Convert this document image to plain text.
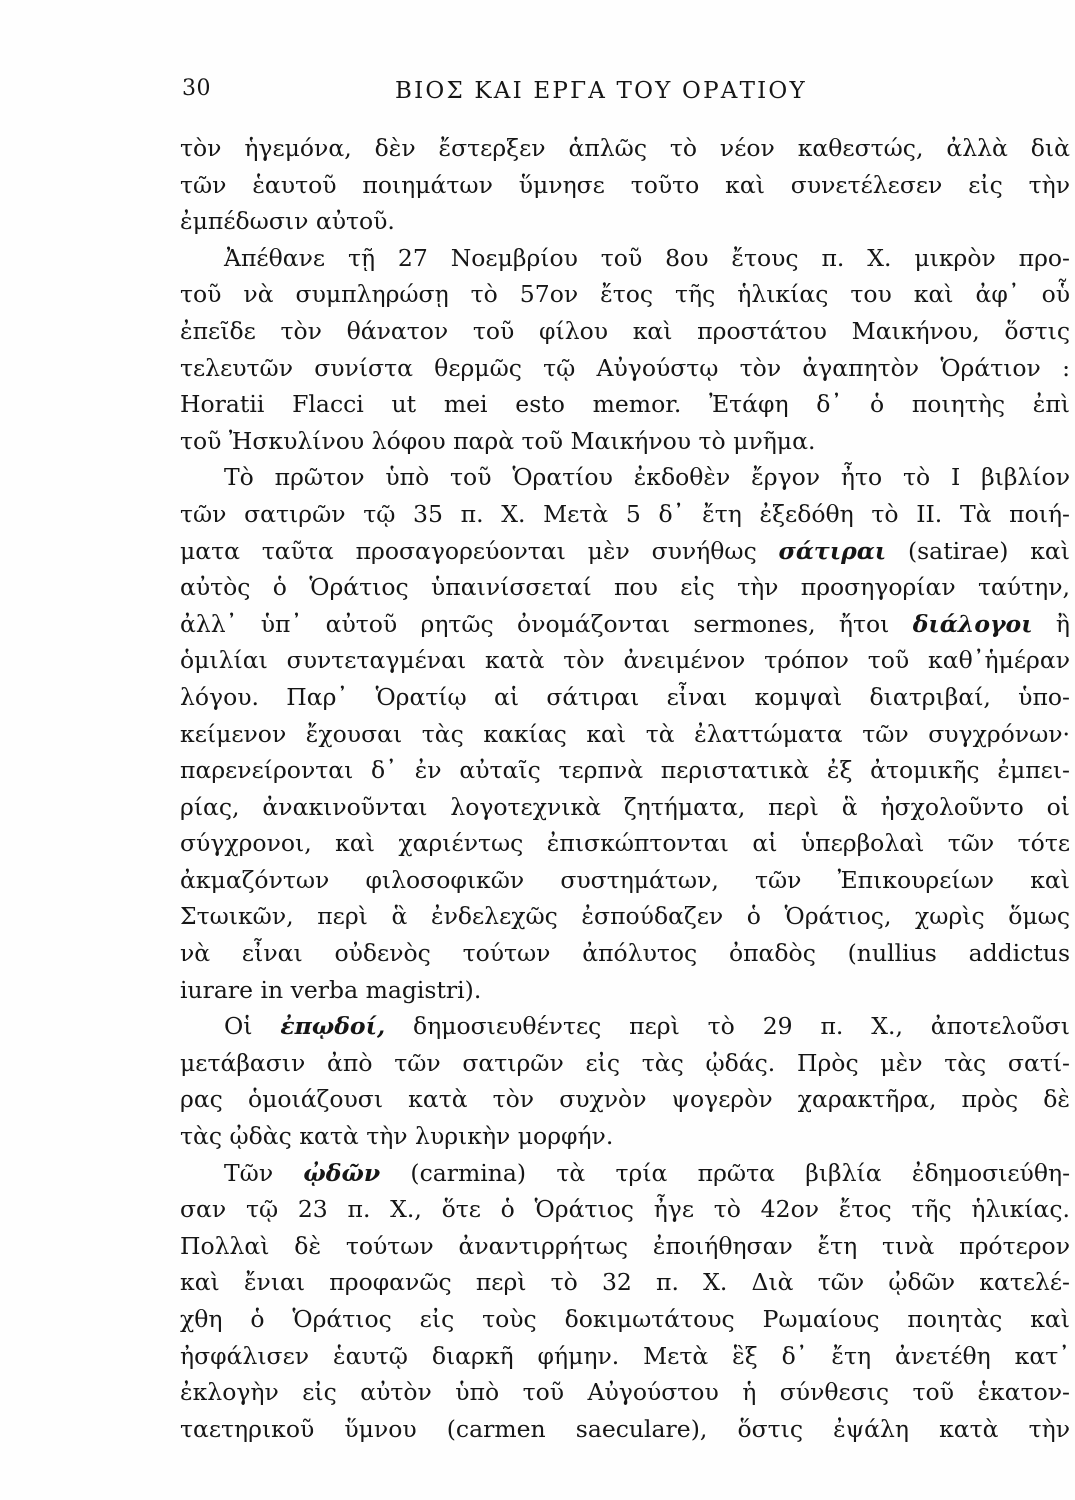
30	ΒΙΟΣ ΚΑΙ ΕΡΓΑ ΤΟΥ ΟΡΑΤΙΟΥ
τὸν ἡγεμόνα, δὲν ἔστερξεν ἁπλῶς τὸ νέον καθεστώς, ἀλλὰ διὰ
τῶν ἑαυτοῦ ποιημάτων ὕμνησε τοῦτο καὶ συνετέλεσεν εἰς τὴν
ἐμπέδωσιν αὐτοῦ.
Ἀπέθανε τῇ 27 Νοεμβρίου τοῦ 8ου ἔτους π. Χ. μικρὸν προ-
τοῦ νὰ συμπληρώσῃ τὸ 57ον ἔτος τῆς ἡλικίας του καὶ ἀφ᾽ οὗ
ἐπεῖδε τὸν θάνατον τοῦ φίλου καὶ προστάτου Μαικήνου, ὅστις
τελευτῶν συνίστα θερμῶς τῷ Αὐγούστῳ τὸν ἀγαπητὸν Ὁράτιον :
Horatii Flacci ut mei esto memor. Ἐτάφη δ᾽ ὁ ποιητὴς ἐπὶ
τοῦ Ἠσκυλίνου λόφου παρὰ τοῦ Μαικήνου τὸ μνῆμα.
Τὸ πρῶτον ὑπὸ τοῦ Ὁρατίου ἐκδοθὲν ἔργον ἦτο τὸ I βιβλίον
τῶν σατιρῶν τῷ 35 π. Χ. Μετὰ 5 δ᾽ ἔτη ἐξεδόθη τὸ II. Τὰ ποιή-
ματα ταῦτα προσαγορεύονται μὲν συνήθως σάτιραι (satirae) καὶ
αὐτὸς ὁ Ὁράτιος ὑπαινίσσεταί που εἰς τὴν προσηγορίαν ταύτην,
ἀλλ᾽ ὑπ᾽ αὐτοῦ ρητῶς ὀνομάζονται sermones, ἤτοι διάλογοι ἢ
ὁμιλίαι συντεταγμέναι κατὰ τὸν ἀνειμένον τρόπον τοῦ καθ᾽ἡμέραν
λόγου. Παρ᾽ Ὁρατίῳ αἱ σάτιραι εἶναι κομψαὶ διατριβαί, ὑπο-
κείμενον ἔχουσαι τὰς κακίας καὶ τὰ ἐλαττώματα τῶν συγχρόνων·
παρενείρονται δ᾽ ἐν αὐταῖς τερπνὰ περιστατικὰ ἐξ ἀτομικῆς ἐμπει-
ρίας, ἀνακινοῦνται λογοτεχνικὰ ζητήματα, περὶ ἃ ἠσχολοῦντο οἱ
σύγχρονοι, καὶ χαριέντως ἐπισκώπτονται αἱ ὑπερβολαὶ τῶν τότε
ἀκμαζόντων φιλοσοφικῶν συστημάτων, τῶν Ἐπικουρείων καὶ
Στωικῶν, περὶ ἃ ἐνδελεχῶς ἐσπούδαζεν ὁ Ὁράτιος, χωρὶς ὅμως
νὰ εἶναι οὐδενὸς τούτων ἀπόλυτος ὀπαδὸς (nullius addictus
iurare in verba magistri).
Οἱ ἐπῳδοί, δημοσιευθέντες περὶ τὸ 29 π. Χ., ἀποτελοῦσι
μετάβασιν ἀπὸ τῶν σατιρῶν εἰς τὰς ᾠδάς. Πρὸς μὲν τὰς σατί-
ρας ὁμοιάζουσι κατὰ τὸν συχνὸν ψογερὸν χαρακτῆρα, πρὸς δὲ
τὰς ᾠδὰς κατὰ τὴν λυρικὴν μορφήν.
Τῶν ᾠδῶν (carmina) τὰ τρία πρῶτα βιβλία ἐδημοσιεύθη-
σαν τῷ 23 π. Χ., ὅτε ὁ Ὁράτιος ἦγε τὸ 42ον ἔτος τῆς ἡλικίας.
Πολλαὶ δὲ τούτων ἀναντιρρήτως ἐποιήθησαν ἔτη τινὰ πρότερον
καὶ ἔνιαι προφανῶς περὶ τὸ 32 π. Χ. Διὰ τῶν ᾠδῶν κατελέ-
χθη ὁ Ὁράτιος εἰς τοὺς δοκιμωτάτους Ρωμαίους ποιητὰς καὶ
ἠσφάλισεν ἑαυτῷ διαρκῆ φήμην. Μετὰ ἓξ δ᾽ ἔτη ἀνετέθη κατ᾽
ἐκλογὴν εἰς αὐτὸν ὑπὸ τοῦ Αὐγούστου ἡ σύνθεσις τοῦ ἑκατον-
ταετηρικοῦ ὕμνου (carmen saeculare), ὅστις ἐψάλη κατὰ τὴν
